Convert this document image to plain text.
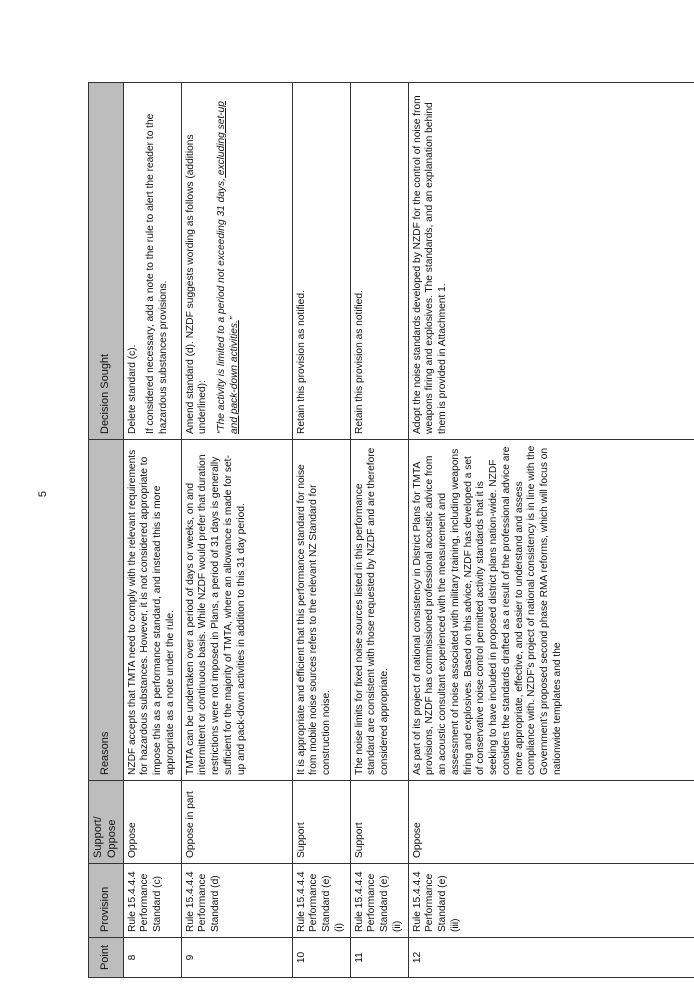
5
Point	Provision	Support/ Oppose	Reasons	Decision Sought
8	Rule 15.4.4.4 Performance Standard (c)	Oppose	NZDF accepts that TMTA need to comply with the relevant requirements for hazardous substances. However, it is not considered appropriate to impose this as a performance standard, and instead this is more appropriate as a note under the rule.	Delete standard (c). If considered necessary, add a note to the rule to alert the reader to the hazardous substances provisions.

9	Rule 15.4.4.4 Performance Standard (d)	Oppose in part	TMTA can be undertaken over a period of days or weeks, on and intermittent or continuous basis. While NZDF would prefer that duration restrictions were not imposed in Plans, a period of 31 days is generally sufficient for the majority of TMTA, where an allowance is made for set-up and pack-down activities in addition to this 31 day period.	Amend standard (d). NZDF suggests wording as follows (additions underlined): “The activity is limited to a period not exceeding 31 days, excluding set-up and pack-down activities.”

10	Rule 15.4.4.4 Performance Standard (e)(i)	Support	It is appropriate and efficient that this performance standard for noise from mobile noise sources refers to the relevant NZ Standard for construction noise.	Retain this provision as notified.

11	Rule 15.4.4.4 Performance Standard (e)(ii)	Support	The noise limits for fixed noise sources listed in this performance standard are consistent with those requested by NZDF and are therefore considered appropriate.	Retain this provision as notified.

12	Rule 15.4.4.4 Performance Standard (e)(iii)	Oppose	As part of its project of national consistency in District Plans for TMTA provisions, NZDF has commissioned professional acoustic advice from an acoustic consultant experienced with the measurement and assessment of noise associated with military training, including weapons firing and explosives. Based on this advice, NZDF has developed a set of conservative noise control permitted activity standards that it is seeking to have included in proposed district plans nation-wide. NZDF considers the standards drafted as a result of the professional advice are more appropriate, effective, and easier to understand and assess compliance with. NZDF’s project of national consistency is in line with the Government’s proposed second phase RMA reforms, which will focus on nationwide templates and the	Adopt the noise standards developed by NZDF for the control of noise from weapons firing and explosives. The standards, and an explanation behind them is provided in Attachment 1.
